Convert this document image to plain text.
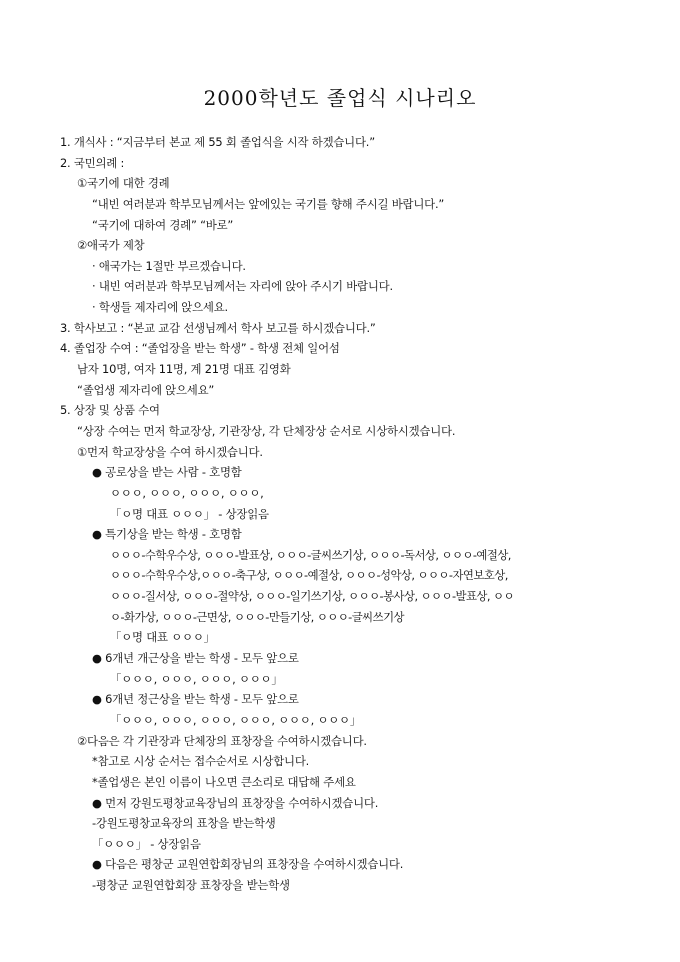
2000학년도 졸업식 시나리오
1. 개식사 : “지금부터 본교 제 55 회 졸업식을 시작 하겠습니다.”
2. 국민의례 :
①국기에 대한 경례
“내빈 여러분과 학부모님께서는 앞에있는 국기를 향해 주시길 바랍니다.”
“국기에 대하여 경례” “바로”
②애국가 제창
· 애국가는 1절만 부르겠습니다.
· 내빈 여러분과 학부모님께서는 자리에 앉아 주시기 바랍니다.
· 학생들 제자리에 앉으세요.
3. 학사보고 : “본교 교감 선생님께서 학사 보고를 하시겠습니다.”
4. 졸업장 수여 : “졸업장을 받는 학생” - 학생 전체 일어섬
남자 10명, 여자 11명, 계 21명 대표 김영화
“졸업생 제자리에 앉으세요”
5. 상장 및 상품 수여
“상장 수여는 먼저 학교장상, 기관장상, 각 단체장상 순서로 시상하시겠습니다.
①먼저 학교장상을 수여 하시겠습니다.
● 공로상을 받는 사람 - 호명함
ㅇㅇㅇ, ㅇㅇㅇ, ㅇㅇㅇ, ㅇㅇㅇ,
「ㅇ명 대표 ㅇㅇㅇ」 - 상장읽음
● 특기상을 받는 학생 - 호명함
ㅇㅇㅇ-수학우수상, ㅇㅇㅇ-발표상, ㅇㅇㅇ-글씨쓰기상, ㅇㅇㅇ-독서상, ㅇㅇㅇ-예절상,
ㅇㅇㅇ-수학우수상,ㅇㅇㅇ-축구상, ㅇㅇㅇ-예절상, ㅇㅇㅇ-성악상, ㅇㅇㅇ-자연보호상,
ㅇㅇㅇ-질서상, ㅇㅇㅇ-절약상, ㅇㅇㅇ-일기쓰기상, ㅇㅇㅇ-봉사상, ㅇㅇㅇ-발표상, ㅇㅇ
ㅇ-화가상, ㅇㅇㅇ-근면상, ㅇㅇㅇ-만들기상, ㅇㅇㅇ-글씨쓰기상
「ㅇ명 대표 ㅇㅇㅇ」
● 6개년 개근상을 받는 학생 - 모두 앞으로
「ㅇㅇㅇ, ㅇㅇㅇ, ㅇㅇㅇ, ㅇㅇㅇ」
● 6개년 정근상을 받는 학생 - 모두 앞으로
「ㅇㅇㅇ, ㅇㅇㅇ, ㅇㅇㅇ, ㅇㅇㅇ, ㅇㅇㅇ, ㅇㅇㅇ」
②다음은 각 기관장과 단체장의 표창장을 수여하시겠습니다.
*참고로 시상 순서는 접수순서로 시상합니다.
*졸업생은 본인 이름이 나오면 큰소리로 대답해 주세요
● 먼저 강원도평창교육장님의 표창장을 수여하시겠습니다.
-강원도평창교육장의 표창을 받는학생
「ㅇㅇㅇ」 - 상장읽음
● 다음은 평창군 교원연합회장님의 표창장을 수여하시겠습니다.
-평창군 교원연합회장 표창장을 받는학생
